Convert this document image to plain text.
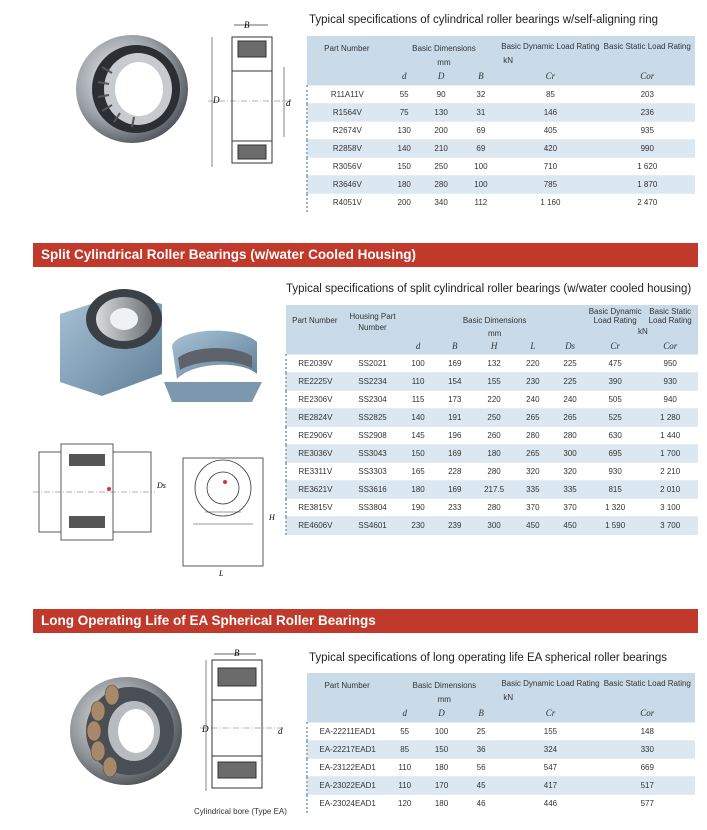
B
D	d
Typical specifications of cylindrical roller bearings w/self-aligning ring
Part Number	Basic Dimensions			Basic Dynamic Load Rating	Basic Static Load Rating
	mm			kN	
	d	D	B	Cr	Cor
R11A11V	55	90	32	85	203
R1564V	75	130	31	146	236
R2674V	130	200	69	405	935
R2858V	140	210	69	420	990
R3056V	150	250	100	710	1 620
R3646V	180	280	100	785	1 870
R4051V	200	340	112	1 160	2 470
Split Cylindrical Roller Bearings (w/water Cooled Housing)
Ds
H
L
Typical specifications of split cylindrical roller bearings (w/water cooled housing)
Part Number	Housing Part Number	Basic Dimensions					Basic Dynamic Load Rating	Basic Static Load Rating
		mm					kN	
		d	B	H	L	Ds	Cr	Cor
RE2039V	SS2021	100	169	132	220	225	475	950
RE2225V	SS2234	110	154	155	230	225	390	930
RE2306V	SS2304	115	173	220	240	240	505	940
RE2824V	SS2825	140	191	250	265	265	525	1 280
RE2906V	SS2908	145	196	260	280	280	630	1 440
RE3036V	SS3043	150	169	180	265	300	695	1 700
RE3311V	SS3303	165	228	280	320	320	930	2 210
RE3621V	SS3616	180	169	217.5	335	335	815	2 010
RE3815V	SS3804	190	233	280	370	370	1 320	3 100
RE4606V	SS4601	230	239	300	450	450	1 590	3 700
Long Operating Life of EA Spherical Roller Bearings
B
D	d
Cylindrical bore (Type EA)
Typical specifications of long operating life EA spherical roller bearings
Part Number	Basic Dimensions			Basic Dynamic Load Rating	Basic Static Load Rating
	mm			kN	
	d	D	B	Cr	Cor
EA-22211EAD1	55	100	25	155	148
EA-22217EAD1	85	150	36	324	330
EA-23122EAD1	110	180	56	547	669
EA-23022EAD1	110	170	45	417	517
EA-23024EAD1	120	180	46	446	577
